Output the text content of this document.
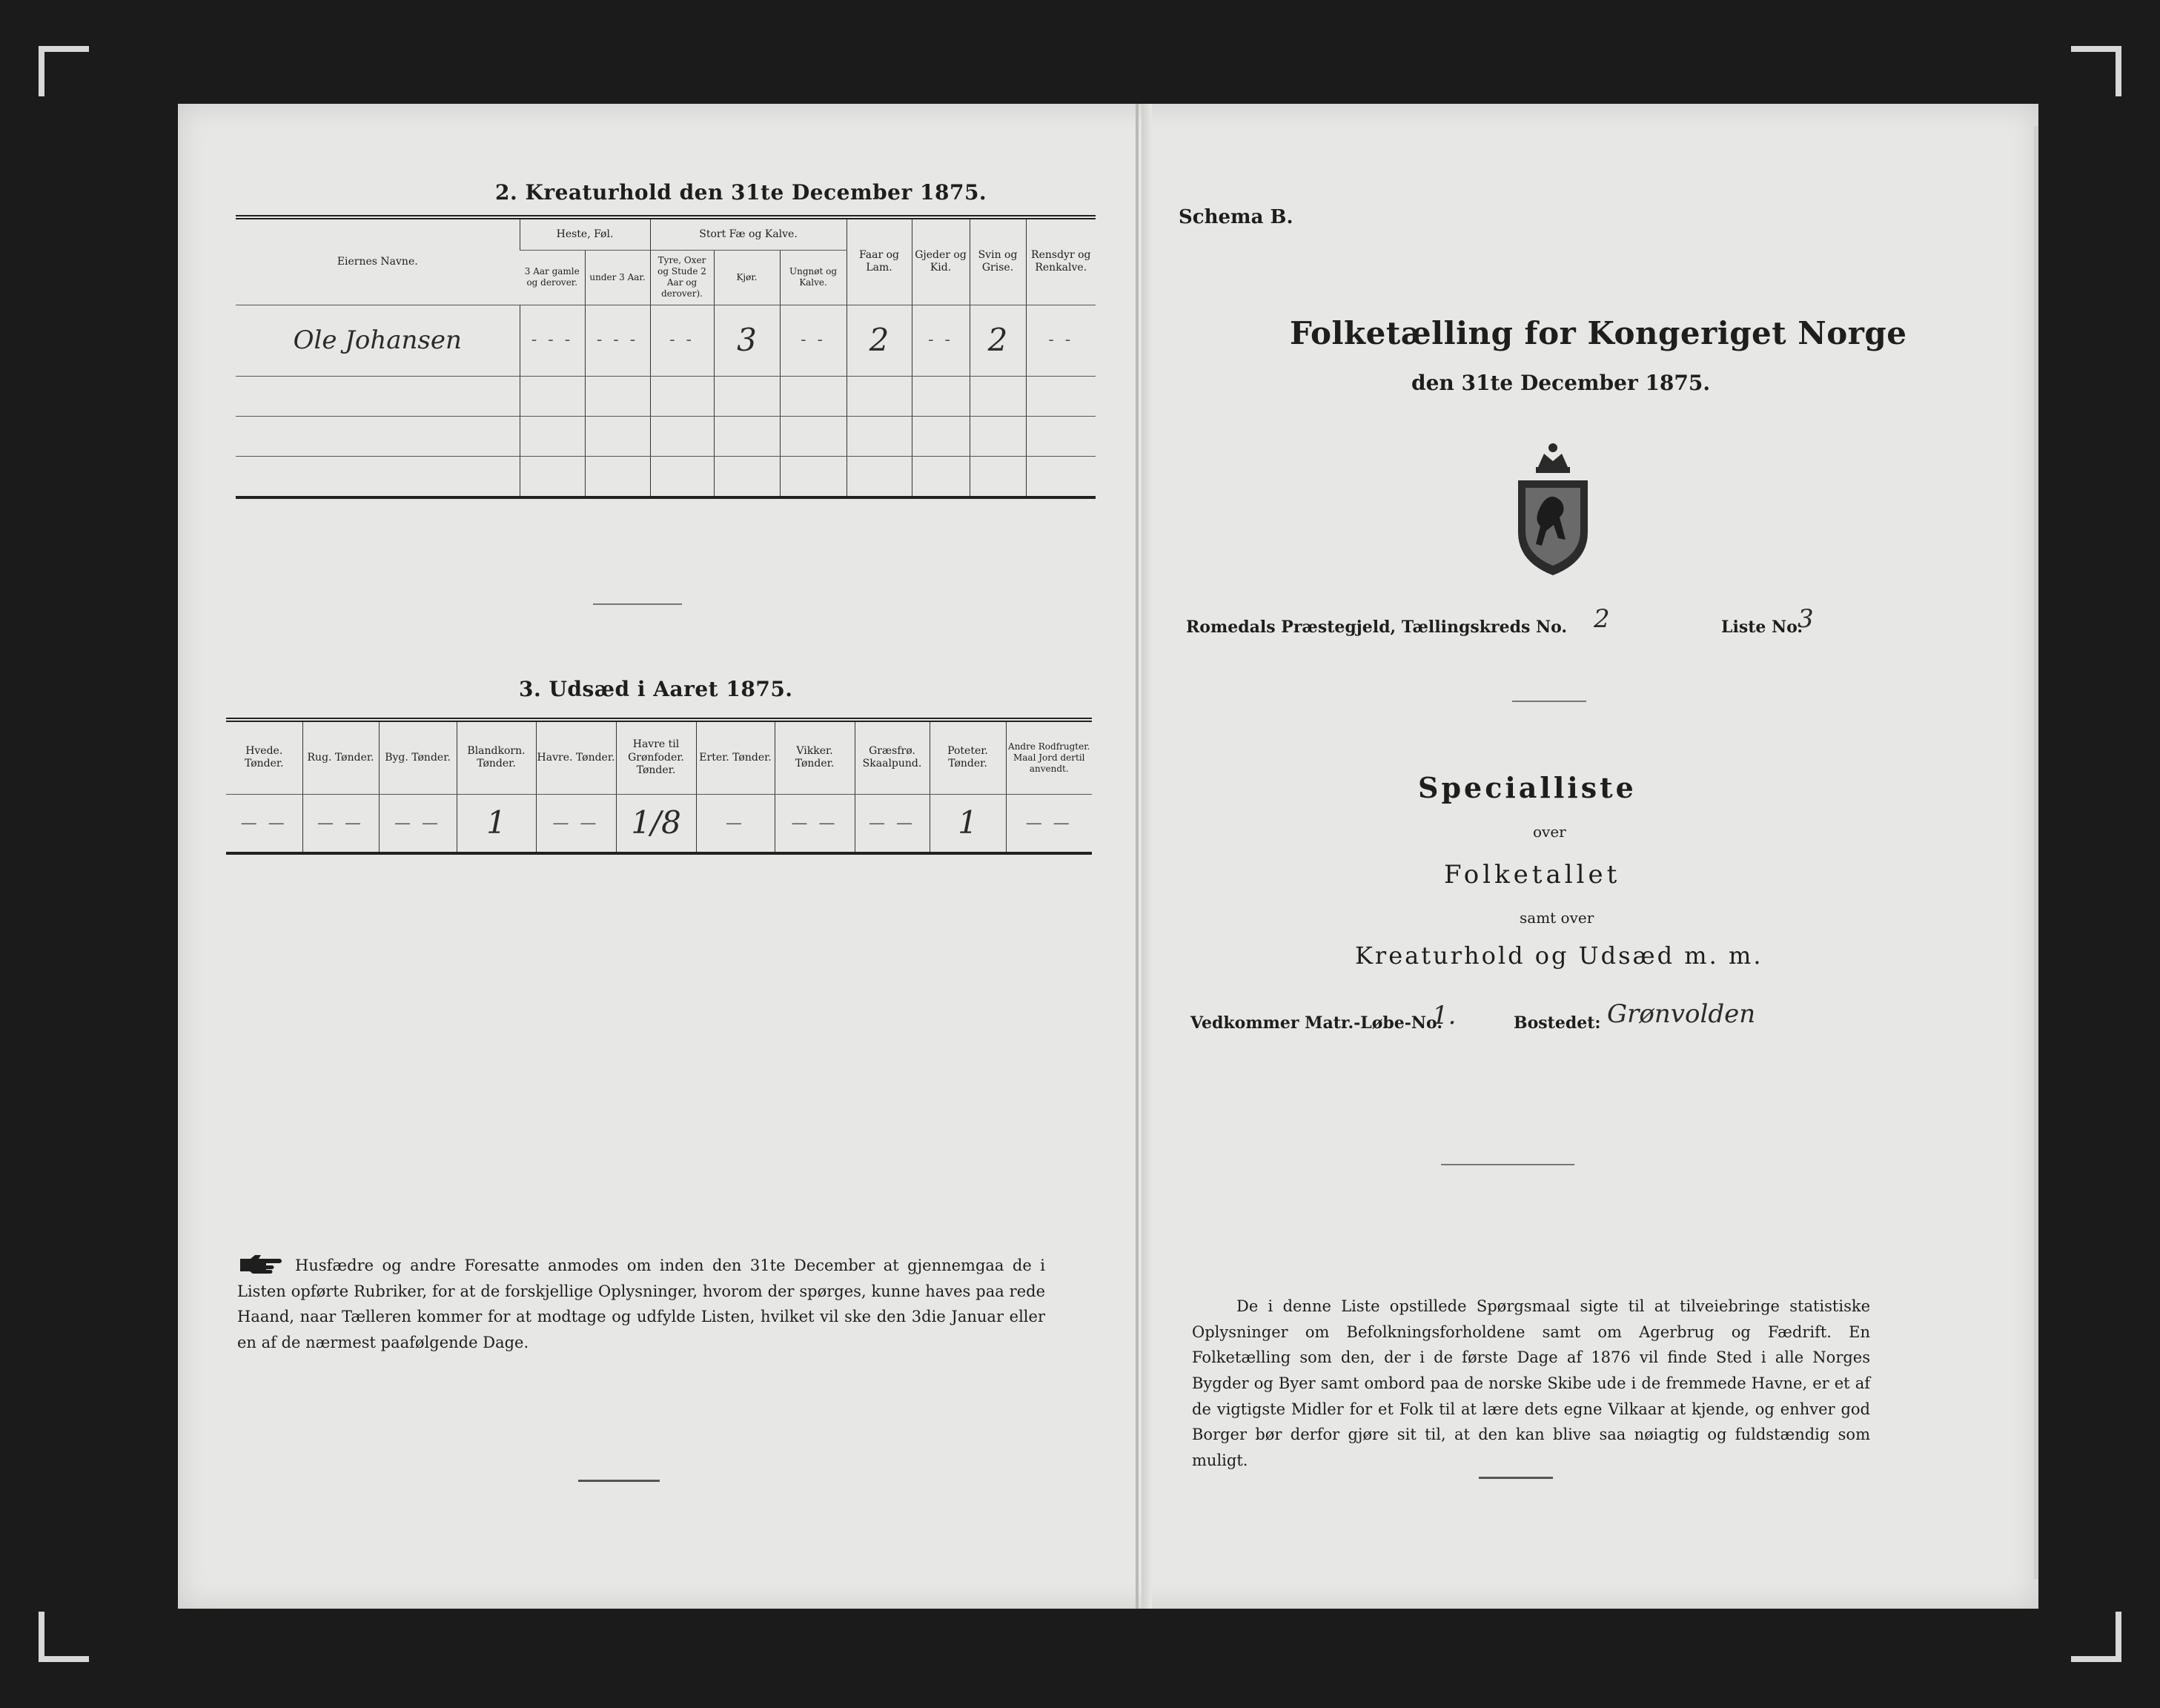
2. Kreaturhold den 31te December 1875.
Eiernes Navne.	Heste, Føl.		Stort Fæ og Kalve.			Faar og Lam.	Gjeder og Kid.	Svin og Grise.	Rensdyr og Renkalve.
	3 Aar gamle og derover.	under 3 Aar.	Tyre, Oxer og Stude 2 Aar og derover).	Kjør.	Ungnøt og Kalve.				
Ole Johansen	- - -	- - -	- -	3	- -	2	- -	2	- -

3. Udsæd i Aaret 1875.
Hvede. Tønder.	Rug. Tønder.	Byg. Tønder.	Blandkorn. Tønder.	Havre. Tønder.	Havre til Grønfoder. Tønder.	Erter. Tønder.	Vikker. Tønder.	Græsfrø. Skaalpund.	Poteter. Tønder.	Andre Rodfrugter. Maal Jord dertil anvendt.
— —	— —	— —	1	— —	1/8	—	— —	— —	1	— —
Husfædre og andre Foresatte anmodes om inden den 31te December at gjennemgaa de i Listen opførte Rubriker, for at de forskjellige Oplysninger, hvorom der spørges, kunne haves paa rede Haand, naar Tælleren kommer for at modtage og udfylde Listen, hvilket vil ske den 3die Januar eller en af de nærmest paafølgende Dage.
Schema B.
Folketælling for Kongeriget Norge
den 31te December 1875.
Romedals Præstegjeld, Tællingskreds No. 2	Liste No.
3
Specialliste
over
Folketallet
samt over
Kreaturhold og Udsæd m. m.
Vedkommer Matr.-Løbe-No.
1.	Bostedet: Grønvolden
De i denne Liste opstillede Spørgsmaal sigte til at tilveiebringe statistiske Oplysninger om Befolkningsforholdene samt om Agerbrug og Fædrift. En Folketælling som den, der i de første Dage af 1876 vil finde Sted i alle Norges Bygder og Byer samt ombord paa de norske Skibe ude i de fremmede Havne, er et af de vigtigste Midler for et Folk til at lære dets egne Vilkaar at kjende, og enhver god Borger bør derfor gjøre sit til, at den kan blive saa nøiagtig og fuldstændig som muligt.
